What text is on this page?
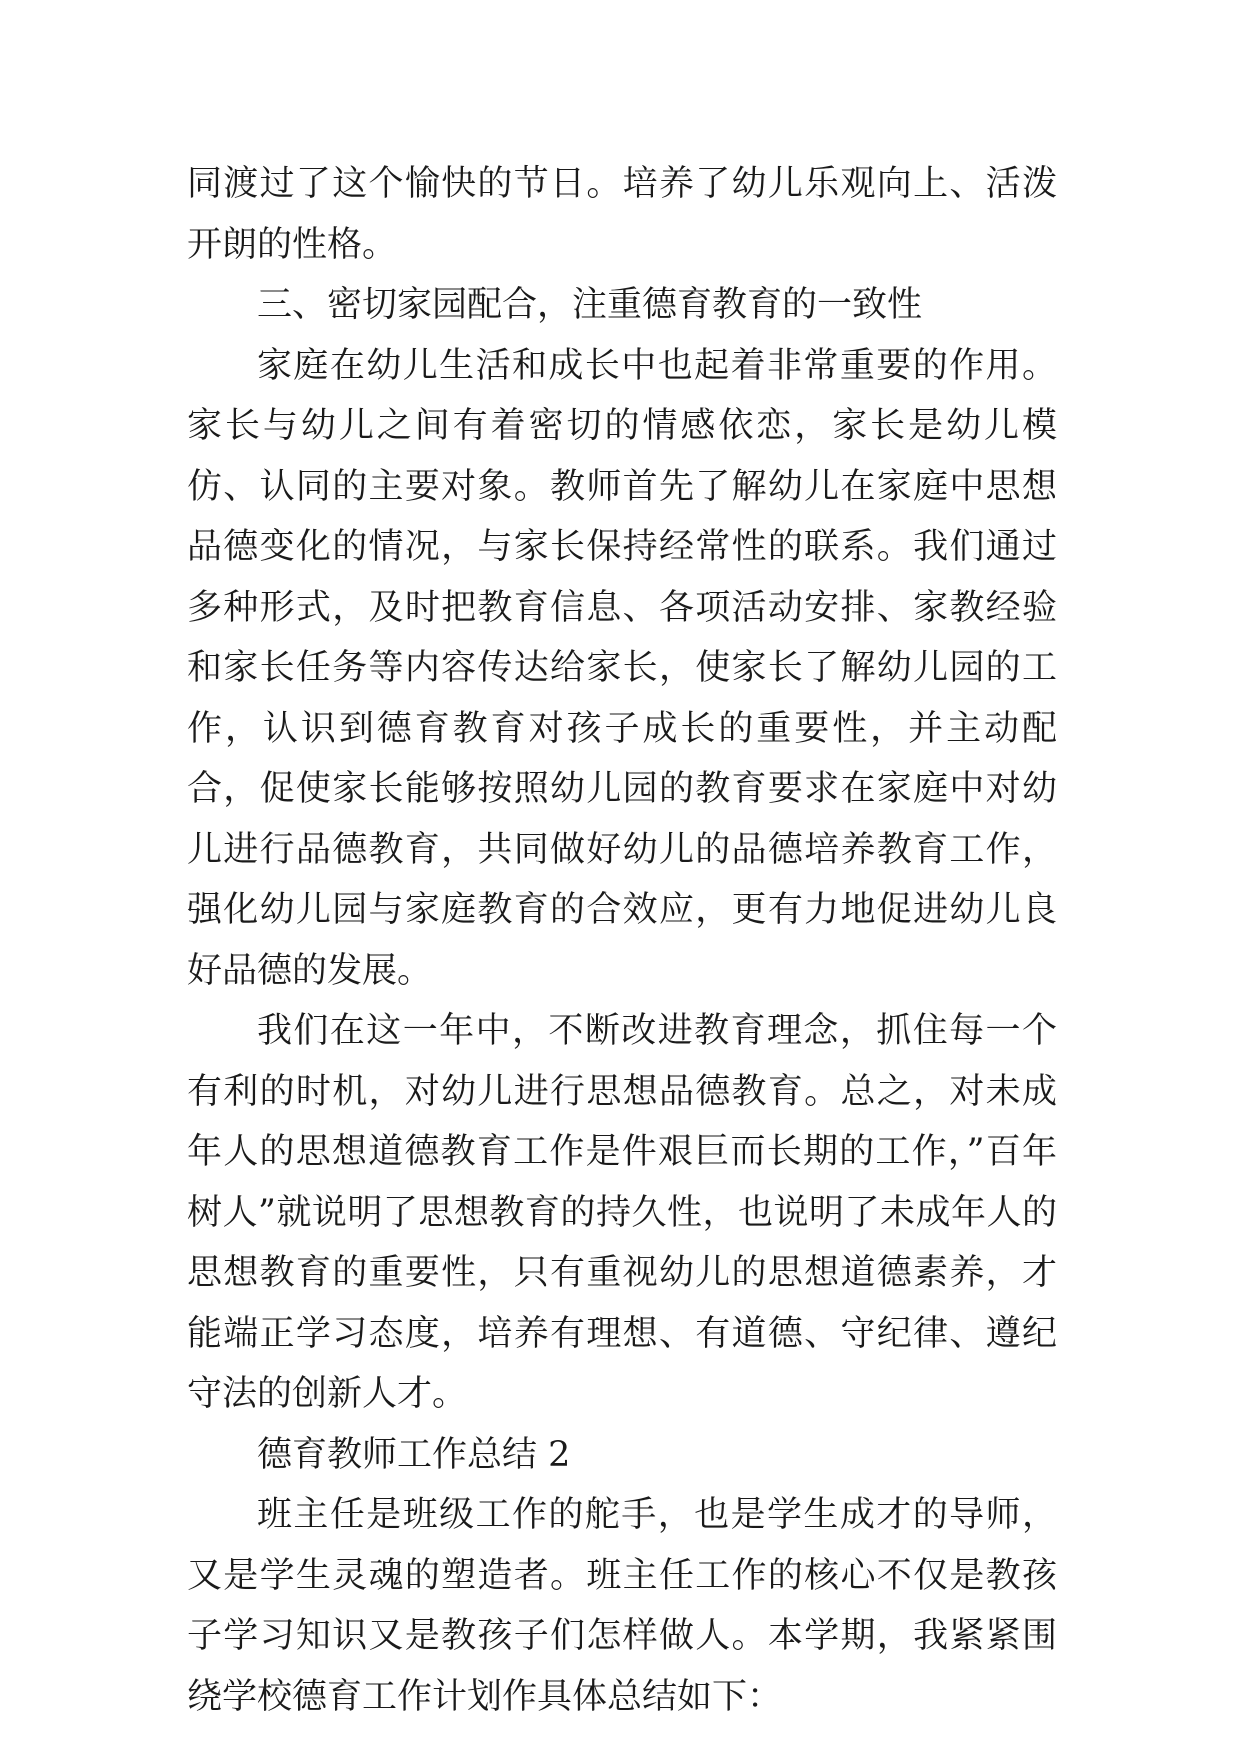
同渡过了这个愉快的节日。培养了幼儿乐观向上、活泼开朗的性格。

三、密切家园配合，注重德育教育的一致性

家庭在幼儿生活和成长中也起着非常重要的作用。家长与幼儿之间有着密切的情感依恋，家长是幼儿模仿、认同的主要对象。教师首先了解幼儿在家庭中思想品德变化的情况，与家长保持经常性的联系。我们通过多种形式，及时把教育信息、各项活动安排、家教经验和家长任务等内容传达给家长，使家长了解幼儿园的工作，认识到德育教育对孩子成长的重要性，并主动配合，促使家长能够按照幼儿园的教育要求在家庭中对幼儿进行品德教育，共同做好幼儿的品德培养教育工作，强化幼儿园与家庭教育的合效应，更有力地促进幼儿良好品德的发展。

我们在这一年中，不断改进教育理念，抓住每一个有利的时机，对幼儿进行思想品德教育。总之，对未成年人的思想道德教育工作是件艰巨而长期的工作，”百年树人”就说明了思想教育的持久性，也说明了未成年人的思想教育的重要性，只有重视幼儿的思想道德素养，才能端正学习态度，培养有理想、有道德、守纪律、遵纪守法的创新人才。

德育教师工作总结 2

班主任是班级工作的舵手，也是学生成才的导师，又是学生灵魂的塑造者。班主任工作的核心不仅是教孩子学习知识又是教孩子们怎样做人。本学期，我紧紧围绕学校德育工作计划作具体总结如下：
